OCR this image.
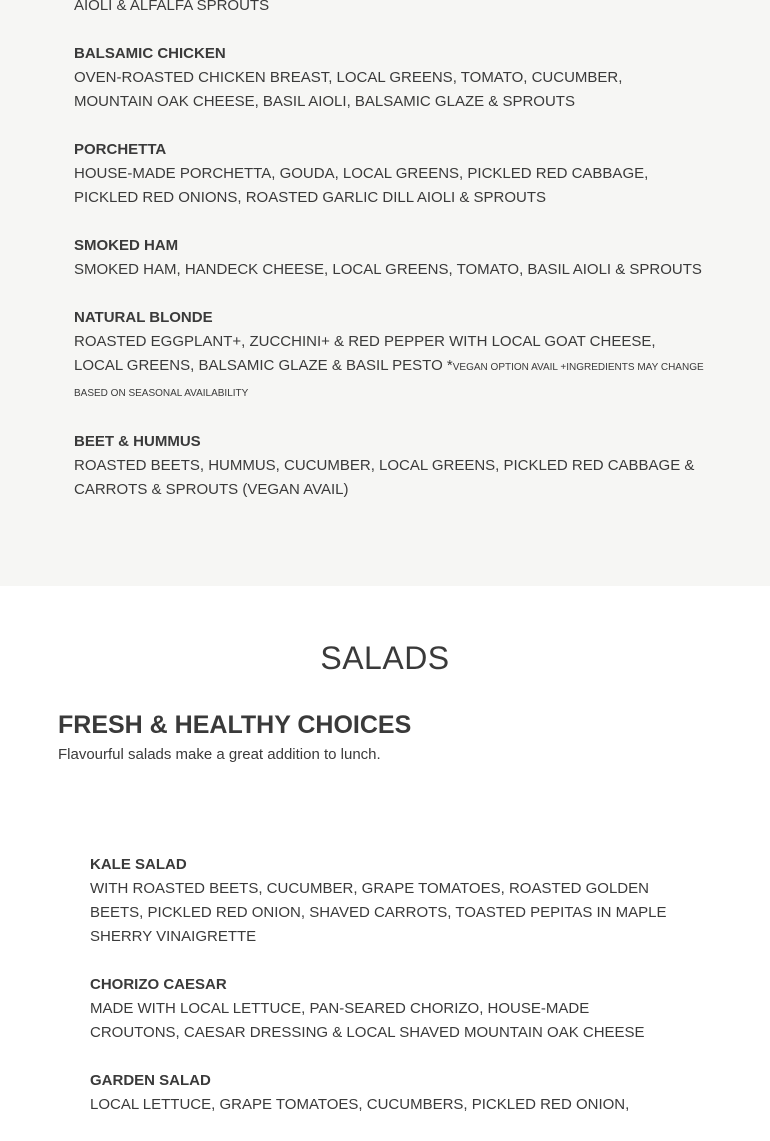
AIOLI & ALFALFA SPROUTS
BALSAMIC CHICKEN
OVEN-ROASTED CHICKEN BREAST, LOCAL GREENS, TOMATO, CUCUMBER, MOUNTAIN OAK CHEESE, BASIL AIOLI, BALSAMIC GLAZE & SPROUTS
PORCHETTA
HOUSE-MADE PORCHETTA, GOUDA, LOCAL GREENS, PICKLED RED CABBAGE, PICKLED RED ONIONS, ROASTED GARLIC DILL AIOLI & SPROUTS
SMOKED HAM
SMOKED HAM, HANDECK CHEESE, LOCAL GREENS, TOMATO, BASIL AIOLI & SPROUTS
NATURAL BLONDE
ROASTED EGGPLANT+, ZUCCHINI+ & RED PEPPER WITH LOCAL GOAT CHEESE, LOCAL GREENS, BALSAMIC GLAZE & BASIL PESTO *VEGAN OPTION AVAIL +INGREDIENTS MAY CHANGE BASED ON SEASONAL AVAILABILITY
BEET & HUMMUS
ROASTED BEETS, HUMMUS, CUCUMBER, LOCAL GREENS, PICKLED RED CABBAGE & CARROTS & SPROUTS (VEGAN AVAIL)
SALADS
FRESH & HEALTHY CHOICES
Flavourful salads make a great addition to lunch.
KALE SALAD
WITH ROASTED BEETS, CUCUMBER, GRAPE TOMATOES, ROASTED GOLDEN BEETS, PICKLED RED ONION, SHAVED CARROTS, TOASTED PEPITAS IN MAPLE SHERRY VINAIGRETTE
CHORIZO CAESAR
MADE WITH LOCAL LETTUCE, PAN-SEARED CHORIZO, HOUSE-MADE CROUTONS, CAESAR DRESSING & LOCAL SHAVED MOUNTAIN OAK CHEESE
GARDEN SALAD
LOCAL LETTUCE, GRAPE TOMATOES, CUCUMBERS, PICKLED RED ONION,
